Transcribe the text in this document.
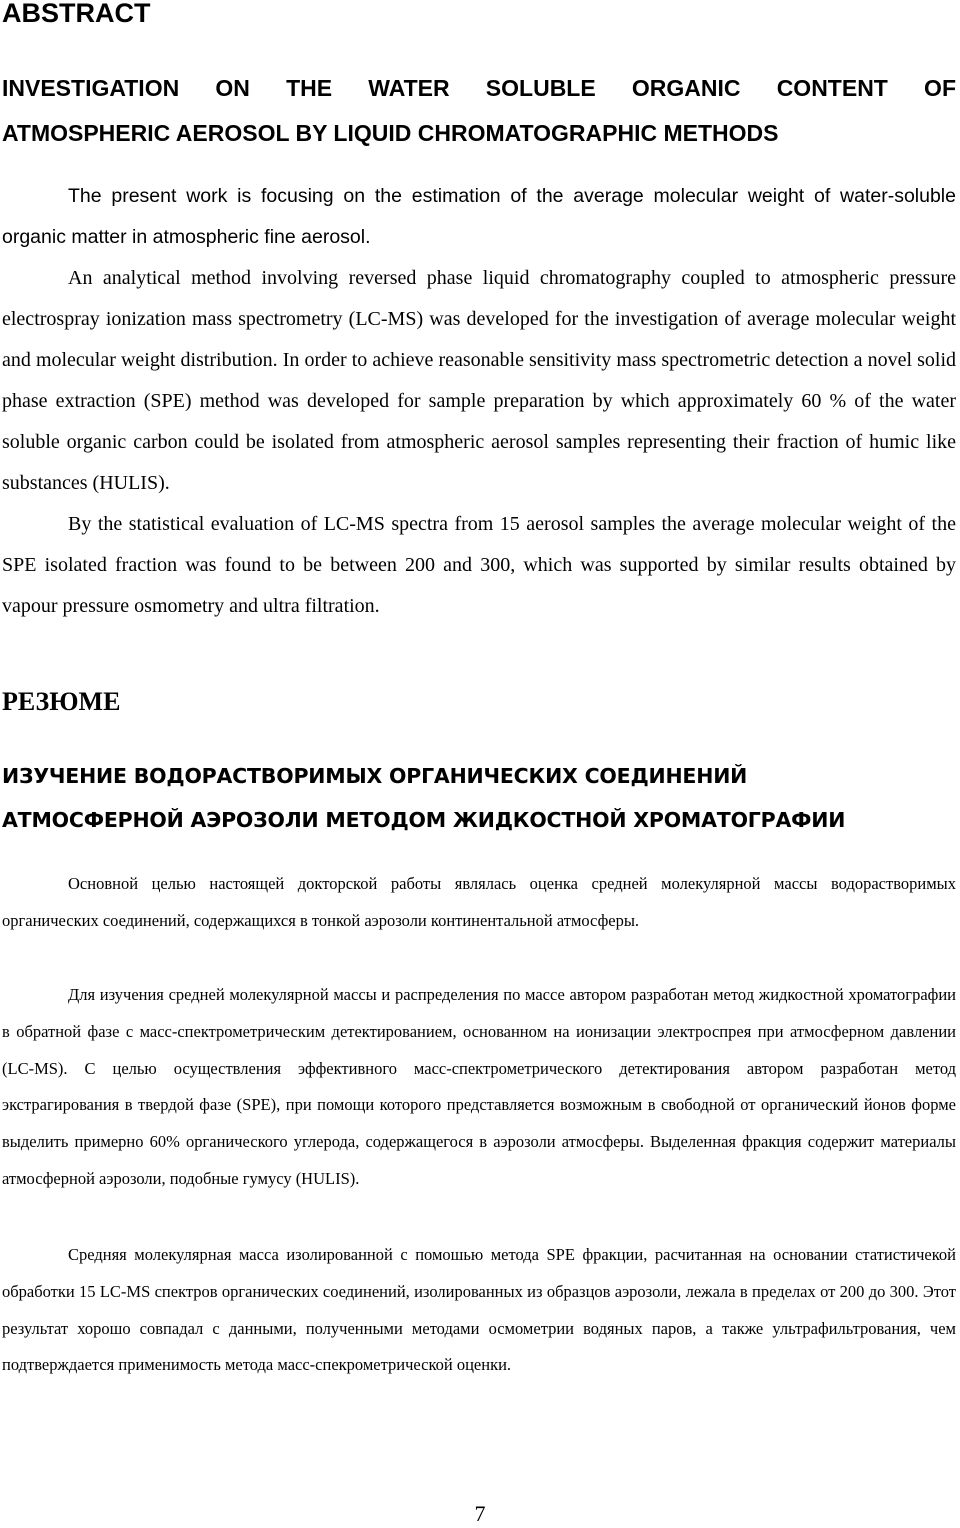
ABSTRACT
INVESTIGATION ON THE WATER SOLUBLE ORGANIC CONTENT OF
ATMOSPHERIC AEROSOL BY LIQUID CHROMATOGRAPHIC METHODS

The present work is focusing on the estimation of the average molecular weight of water-soluble organic matter in atmospheric fine aerosol.

An analytical method involving reversed phase liquid chromatography coupled to atmospheric pressure electrospray ionization mass spectrometry (LC-MS) was developed for the investigation of average molecular weight and molecular weight distribution. In order to achieve reasonable sensitivity mass spectrometric detection a novel solid phase extraction (SPE) method was developed for sample preparation by which approximately 60 % of the water soluble organic carbon could be isolated from atmospheric aerosol samples representing their fraction of humic like substances (HULIS).

By the statistical evaluation of LC-MS spectra from 15 aerosol samples the average molecular weight of the SPE isolated fraction was found to be between 200 and 300, which was supported by similar results obtained by vapour pressure osmometry and ultra filtration.

РЕЗЮМЕ
ИЗУЧЕНИЕ ВОДОРАСТВОРИМЫХ ОРГАНИЧЕСКИХ СОЕДИНЕНИЙ
АТМОСФЕРНОЙ АЭРОЗОЛИ МЕТОДОМ ЖИДКОСТНОЙ ХРОМАТОГРАФИИ

Основной целью настоящей докторской работы являлась оценка средней молекулярной массы водорастворимых органических соединений, содержащихся в тонкой аэрозоли континентальной атмосферы.

Для изучения средней молекулярной массы и распределения по массе автором разработан метод жидкостной хроматографии в обратной фазе с масс-спектрометрическим детектированием, основанном на ионизации электроспрея при атмосферном давлении (LC-MS). С целью осуществления эффективного масс-спектрометрического детектирования автором разработан метод экстрагирования в твердой фазе (SPE), при помощи которого представляется возможным в свободной от органический йонов форме выделить примерно 60% органического углерода, содержащегося в аэрозоли атмосферы. Выделенная фракция содержит материалы атмосферной аэрозоли, подобные гумусу (HULIS).

Средняя молекулярная масса изолированной с помошью метода SPE фракции, расчитанная на основании статистичекой обработки 15 LC-MS спектров органических соединений, изолированных из образцов аэрозоли, лежала в пределах от 200 до 300. Этот результат хорошо совпадал с данными, полученными методами осмометрии водяных паров, а также ультрафильтрования, чем подтверждается применимость метода масс-спекрометрической оценки.

7
